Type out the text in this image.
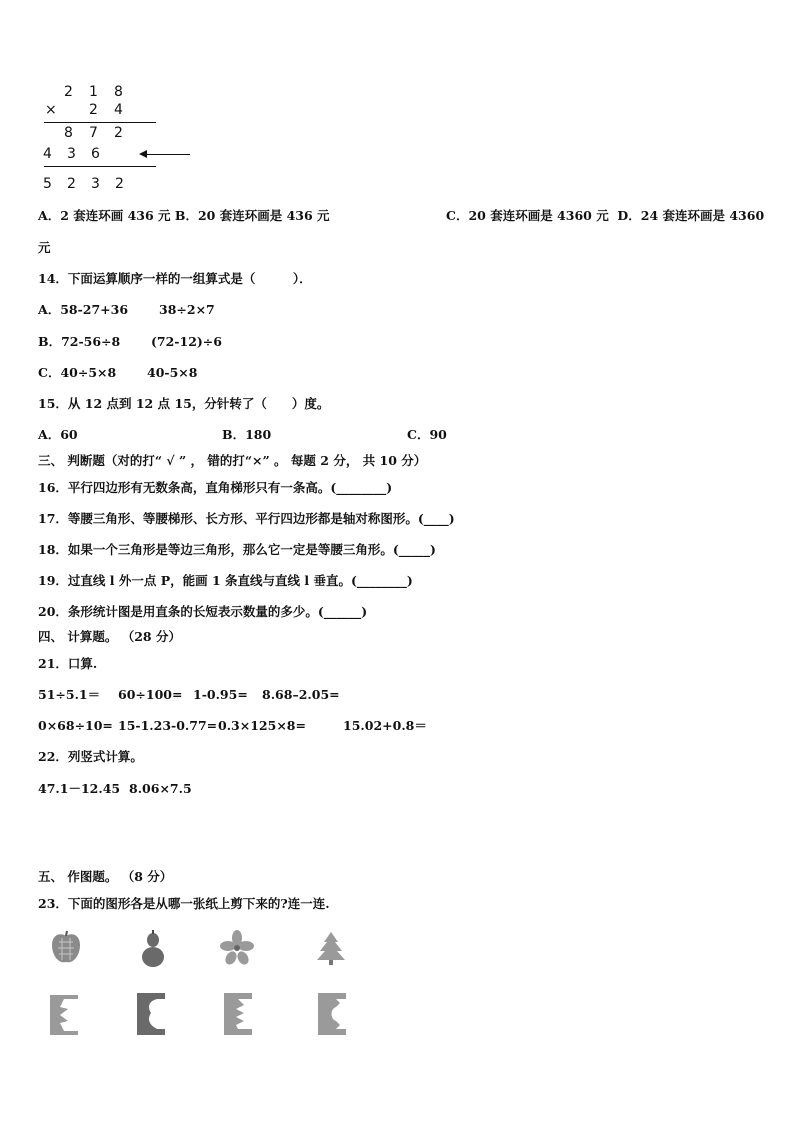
2 1 8
× 2 4
8 7 2
4 3 6
5 2 3 2
A．2 套连环画 436 元 B．20 套连环画是 436 元	C．20 套连环画是 4360 元 D．24 套连环画是 4360
元
14．下面运算顺序一样的一组算式是（　　　）．
A．58-27+36 38÷2×7
B．72-56÷8 (72-12)÷6
C．40÷5×8 40-5×8
15．从 12 点到 12 点 15，分针转了（　　）度。
A．60	B．180	C．90
三、 判断题（对的打“ √ ” ， 错的打“×” 。 每题 2 分， 共 10 分）
16．平行四边形有无数条高，直角梯形只有一条高。(________)
17．等腰三角形、等腰梯形、长方形、平行四边形都是轴对称图形。(____)
18．如果一个三角形是等边三角形，那么它一定是等腰三角形。(_____)
19．过直线 l 外一点 P，能画 1 条直线与直线 l 垂直。(________)
20．条形统计图是用直条的长短表示数量的多少。(______)
四、 计算题。 （28 分）
21．口算.
51÷5.1＝ 60÷100= 1-0.95= 8.68–2.05=
0×68÷10= 15-1.23-0.77= 0.3×125×8=	15.02+0.8＝
22．列竖式计算。
47.1－12.45 8.06×7.5
五、 作图题。 （8 分）
23．下面的图形各是从哪一张纸上剪下来的?连一连.
